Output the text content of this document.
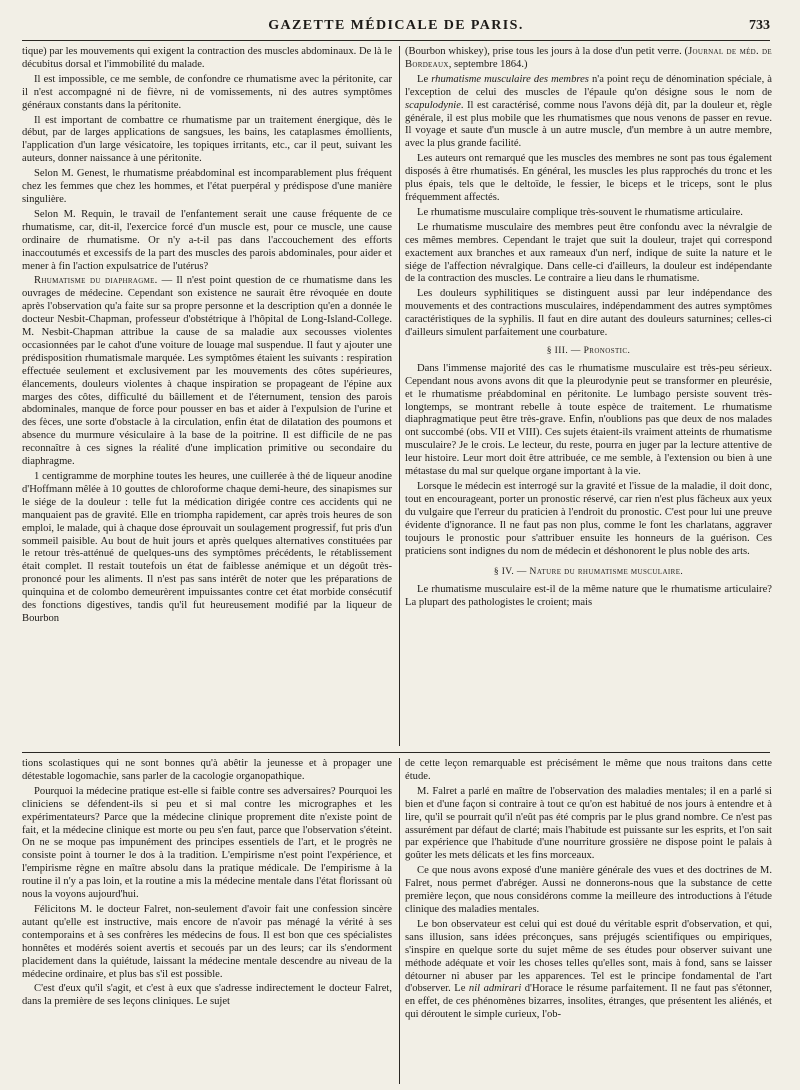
GAZETTE MÉDICALE DE PARIS.	733

tique) par les mouvements qui exigent la contraction des muscles abdominaux. De là le décubitus dorsal et l'immobilité du malade.

Il est impossible, ce me semble, de confondre ce rhumatisme avec la péritonite, car il n'est accompagné ni de fièvre, ni de vomissements, ni des autres symptômes généraux constants dans la péritonite.

Il est important de combattre ce rhumatisme par un traitement énergique, dès le début, par de larges applications de sangsues, les bains, les cataplasmes émollients, l'application d'un large vésicatoire, les topiques irritants, etc., car il peut, suivant les auteurs, donner naissance à une péritonite.

Selon M. Genest, le rhumatisme préabdominal est incomparablement plus fréquent chez les femmes que chez les hommes, et l'état puerpéral y prédispose d'une manière singulière.

Selon M. Requin, le travail de l'enfantement serait une cause fréquente de ce rhumatisme, car, dit-il, l'exercice forcé d'un muscle est, pour ce muscle, une cause ordinaire de rhumatisme. Or n'y a-t-il pas dans l'accouchement des efforts inaccoutumés et excessifs de la part des muscles des parois abdominales, pour aider et mener à fin l'action expulsatrice de l'utérus?

Rhumatisme du diaphragme. — Il n'est point question de ce rhumatisme dans les ouvrages de médecine. Cependant son existence ne saurait être révoquée en doute après l'observation qu'a faite sur sa propre personne et la description qu'en a donnée le docteur Nesbit-Chapman, professeur d'obstétrique à l'hôpital de Long-Island-College. M. Nesbit-Chapman attribue la cause de sa maladie aux secousses violentes occasionnées par le cahot d'une voiture de louage mal suspendue. Il faut y ajouter une prédisposition rhumatismale marquée. Les symptômes étaient les suivants : respiration effectuée seulement et exclusivement par les mouvements des côtes supérieures, élancements, douleurs violentes à chaque inspiration se propageant de l'épine aux marges des côtes, difficulté du bâillement et de l'éternument, tension des parois abdominales, manque de force pour pousser en bas et aider à l'expulsion de l'urine et des fèces, une sorte d'obstacle à la circulation, enfin état de dilatation des poumons et absence du murmure vésiculaire à la base de la poitrine. Il est difficile de ne pas reconnaître à ces signes la réalité d'une implication primitive ou secondaire du diaphragme.

1 centigramme de morphine toutes les heures, une cuillerée à thé de liqueur anodine d'Hoffmann mêlée à 10 gouttes de chloroforme chaque demi-heure, des sinapismes sur le siége de la douleur : telle fut la médication dirigée contre ces accidents qui ne manquaient pas de gravité. Elle en triompha rapidement, car après trois heures de son emploi, le malade, qui à chaque dose éprouvait un soulagement progressif, fut pris d'un sommeil paisible. Au bout de huit jours et après quelques alternatives constituées par le retour très-atténué de quelques-uns des symptômes précédents, le rétablissement était complet. Il restait toutefois un état de faiblesse anémique et un dégoût très-prononcé pour les aliments. Il n'est pas sans intérêt de noter que les préparations de quinquina et de colombo demeurèrent impuissantes contre cet état morbide consécutif des fonctions digestives, tandis qu'il fut heureusement modifié par la liqueur de Bourbon

(Bourbon whiskey), prise tous les jours à la dose d'un petit verre. (Journal de méd. de Bordeaux, septembre 1864.)

Le rhumatisme musculaire des membres n'a point reçu de dénomination spéciale, à l'exception de celui des muscles de l'épaule qu'on désigne sous le nom de scapulodynie. Il est caractérisé, comme nous l'avons déjà dit, par la douleur et, règle générale, il est plus mobile que les rhumatismes que nous venons de passer en revue. Il voyage et saute d'un muscle à un autre muscle, d'un membre à un autre membre, avec la plus grande facilité.

Les auteurs ont remarqué que les muscles des membres ne sont pas tous également disposés à être rhumatisés. En général, les muscles les plus rapprochés du tronc et les plus épais, tels que le deltoïde, le fessier, le biceps et le triceps, sont le plus fréquemment affectés.

Le rhumatisme musculaire complique très-souvent le rhumatisme articulaire.

Le rhumatisme musculaire des membres peut être confondu avec la névralgie de ces mêmes membres. Cependant le trajet que suit la douleur, trajet qui correspond exactement aux branches et aux rameaux d'un nerf, indique de suite la nature et le siége de l'affection névralgique. Dans celle-ci d'ailleurs, la douleur est indépendante de la contraction des muscles. Le contraire a lieu dans le rhumatisme.

Les douleurs syphilitiques se distinguent aussi par leur indépendance des mouvements et des contractions musculaires, indépendamment des autres symptômes caractéristiques de la syphilis. Il faut en dire autant des douleurs saturnines; celles-ci d'ailleurs simulent parfaitement une courbature.

§ III. — Pronostic.

Dans l'immense majorité des cas le rhumatisme musculaire est très-peu sérieux. Cependant nous avons avons dit que la pleurodynie peut se transformer en pleurésie, et le rhumatisme préabdominal en péritonite. Le lumbago persiste souvent très-longtemps, se montrant rebelle à toute espèce de traitement. Le rhumatisme diaphragmatique peut être très-grave. Enfin, n'oublions pas que deux de nos malades ont succombé (obs. VII et VIII). Ces sujets étaient-ils vraiment atteints de rhumatisme musculaire? Je le crois. Le lecteur, du reste, pourra en juger par la lecture attentive de leur histoire. Leur mort doit être attribuée, ce me semble, à l'extension ou bien à une métastase du mal sur quelque organe important à la vie.

Lorsque le médecin est interrogé sur la gravité et l'issue de la maladie, il doit donc, tout en encourageant, porter un pronostic réservé, car rien n'est plus fâcheux aux yeux du vulgaire que l'erreur du praticien à l'endroit du pronostic. C'est pour lui une preuve évidente d'ignorance. Il ne faut pas non plus, comme le font les charlatans, aggraver toujours le pronostic pour s'attribuer ensuite les honneurs de la guérison. Ces praticiens sont indignes du nom de médecin et déshonorent le plus noble des arts.

§ IV. — Nature du rhumatisme musculaire.

Le rhumatisme musculaire est-il de la même nature que le rhumatisme articulaire? La plupart des pathologistes le croient; mais

tions scolastiques qui ne sont bonnes qu'à abêtir la jeunesse et à propager une détestable logomachie, sans parler de la cacologie organopathique.

Pourquoi la médecine pratique est-elle si faible contre ses adversaires? Pourquoi les cliniciens se défendent-ils si peu et si mal contre les micrographes et les expérimentateurs? Parce que la médecine clinique proprement dite n'existe point de fait, et la médecine clinique est morte ou peu s'en faut, parce que l'observation s'éteint. On ne se moque pas impunément des principes essentiels de l'art, et le progrès ne consiste point à tourner le dos à la tradition. L'empirisme n'est point l'expérience, et l'empirisme règne en maître absolu dans la pratique médicale. De l'empirisme à la routine il n'y a pas loin, et la routine a mis la médecine mentale dans l'état florissant où nous la voyons aujourd'hui.

Félicitons M. le docteur Falret, non-seulement d'avoir fait une confession sincère autant qu'elle est instructive, mais encore de n'avoir pas ménagé la vérité à ses contemporains et à ses confrères les médecins de fous. Il est bon que ces spécialistes honnêtes et modérés soient avertis et secoués par un des leurs; car ils s'endorment placidement dans la quiétude, laissant la médecine mentale descendre au niveau de la médecine ordinaire, et plus bas s'il est possible.

C'est d'eux qu'il s'agit, et c'est à eux que s'adresse indirectement le docteur Falret, dans la première de ses leçons cliniques. Le sujet

de cette leçon remarquable est précisément le même que nous traitons dans cette étude.

M. Falret a parlé en maître de l'observation des maladies mentales; il en a parlé si bien et d'une façon si contraire à tout ce qu'on est habitué de nos jours à entendre et à lire, qu'il se pourrait qu'il n'eût pas été compris par le plus grand nombre. Ce n'est pas assurément par défaut de clarté; mais l'habitude est puissante sur les esprits, et l'on sait par expérience que l'habitude d'une nourriture grossière ne dispose point le palais à goûter les mets délicats et les fins morceaux.

Ce que nous avons exposé d'une manière générale des vues et des doctrines de M. Falret, nous permet d'abréger. Aussi ne donnerons-nous que la substance de cette première leçon, que nous considérons comme la meilleure des introductions à l'étude clinique des maladies mentales.

Le bon observateur est celui qui est doué du véritable esprit d'observation, et qui, sans illusion, sans idées préconçues, sans préjugés scientifiques ou empiriques, s'inspire en quelque sorte du sujet même de ses études pour observer suivant une méthode adéquate et voir les choses telles qu'elles sont, mais à fond, sans se laisser détourner ni abuser par les apparences. Tel est le principe fondamental de l'art d'observer. Le nil admirari d'Horace le résume parfaitement. Il ne faut pas s'étonner, en effet, de ces phénomènes bizarres, insolites, étranges, que présentent les aliénés, et qui déroutent le simple curieux, l'ob-
